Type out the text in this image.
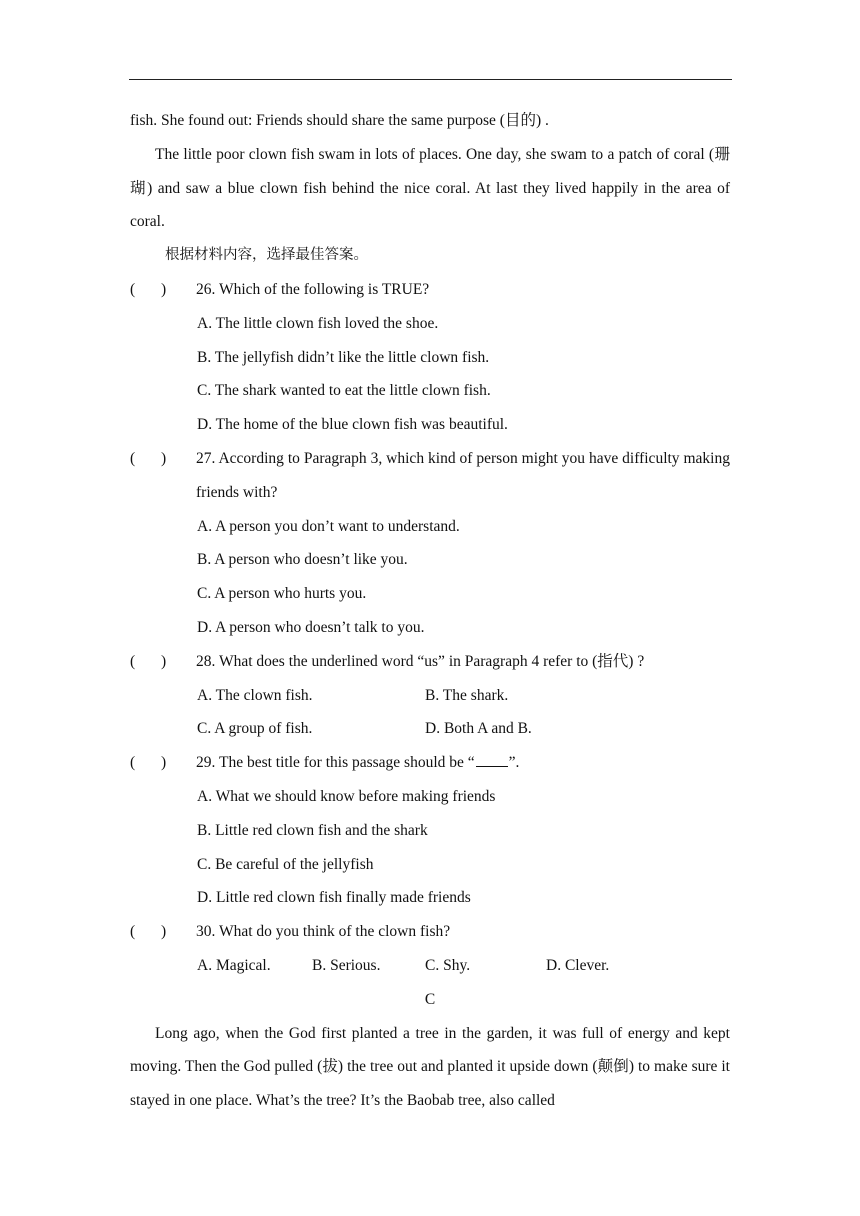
fish. She found out: Friends should share the same purpose (目的) .

The little poor clown fish swam in lots of places. One day, she swam to a patch of coral (珊瑚) and saw a blue clown fish behind the nice coral. At last they lived happily in the area of coral.

根据材料内容，选择最佳答案。
( ) 26. Which of the following is TRUE?
A. The little clown fish loved the shoe.
B. The jellyfish didn’t like the little clown fish.
C. The shark wanted to eat the little clown fish.
D. The home of the blue clown fish was beautiful.
( ) 27. According to Paragraph 3, which kind of person might you have difficulty making friends with?
A. A person you don’t want to understand.
B. A person who doesn’t like you.
C. A person who hurts you.
D. A person who doesn’t talk to you.
( ) 28. What does the underlined word “us” in Paragraph 4 refer to (指代) ?
A. The clown fish.	B. The shark.
C. A group of fish.	D. Both A and B.
( ) 29. The best title for this passage should be “ ”.
A. What we should know before making friends
B. Little red clown fish and the shark
C. Be careful of the jellyfish
D. Little red clown fish finally made friends
( ) 30. What do you think of the clown fish?
A. Magical.	B. Serious.	C. Shy.	D. Clever.
C

Long ago, when the God first planted a tree in the garden, it was full of energy and kept moving. Then the God pulled (拔) the tree out and planted it upside down (颠倒) to make sure it stayed in one place. What’s the tree? It’s the Baobab tree, also called
